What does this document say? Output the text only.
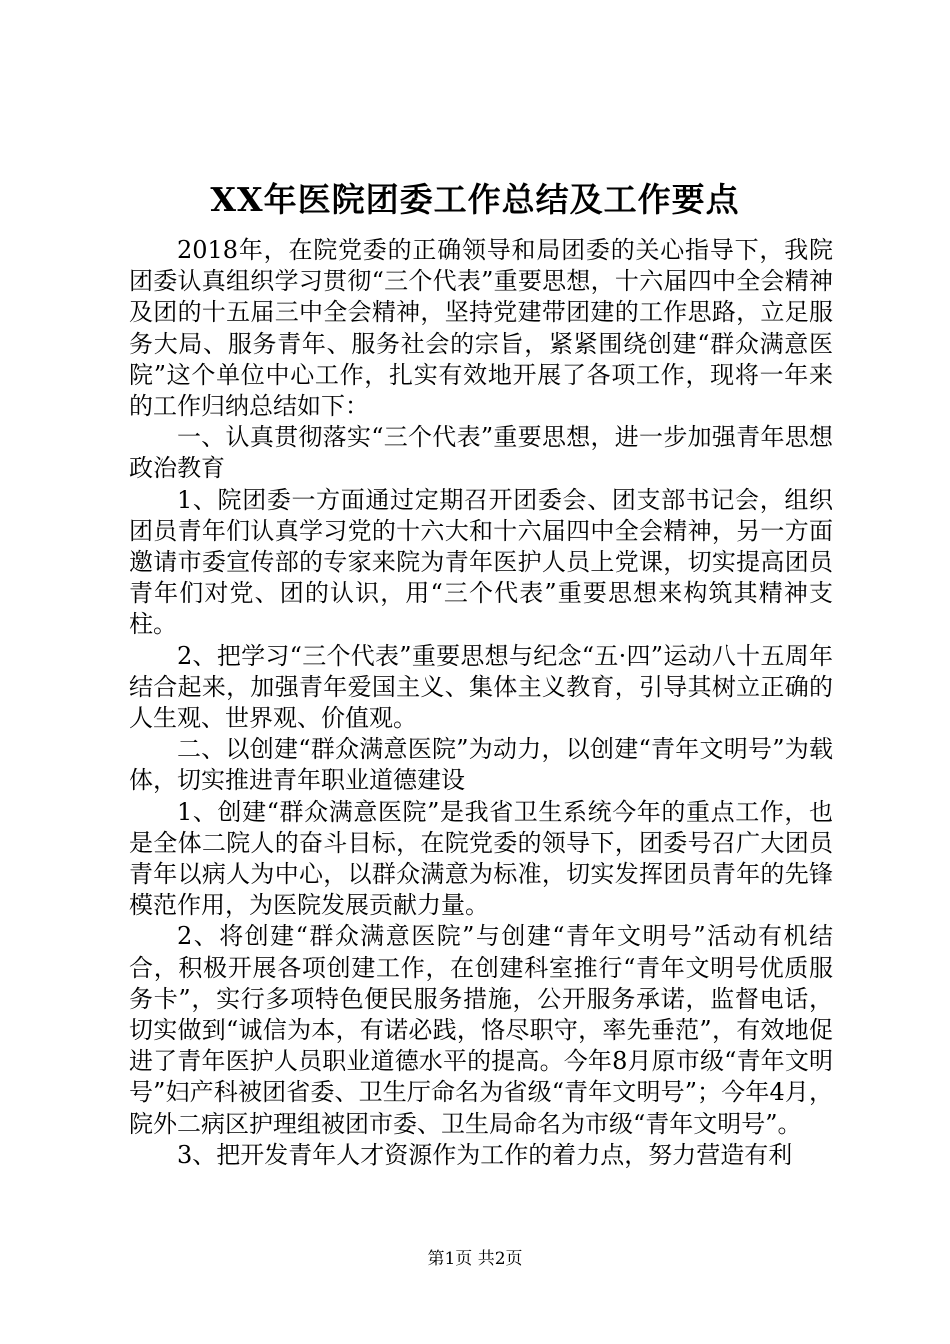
XX年医院团委工作总结及工作要点

2018年，在院党委的正确领导和局团委的关心指导下，我院团委认真组织学习贯彻“三个代表”重要思想，十六届四中全会精神及团的十五届三中全会精神，坚持党建带团建的工作思路，立足服务大局、服务青年、服务社会的宗旨，紧紧围绕创建“群众满意医院”这个单位中心工作，扎实有效地开展了各项工作，现将一年来的工作归纳总结如下：

一、认真贯彻落实“三个代表”重要思想，进一步加强青年思想政治教育

1、院团委一方面通过定期召开团委会、团支部书记会，组织团员青年们认真学习党的十六大和十六届四中全会精神，另一方面邀请市委宣传部的专家来院为青年医护人员上党课，切实提高团员青年们对党、团的认识，用“三个代表”重要思想来构筑其精神支柱。

2、把学习“三个代表”重要思想与纪念“五·四”运动八十五周年结合起来，加强青年爱国主义、集体主义教育，引导其树立正确的人生观、世界观、价值观。

二、以创建“群众满意医院”为动力，以创建“青年文明号”为载体，切实推进青年职业道德建设

1、创建“群众满意医院”是我省卫生系统今年的重点工作，也是全体二院人的奋斗目标，在院党委的领导下，团委号召广大团员青年以病人为中心，以群众满意为标准，切实发挥团员青年的先锋模范作用，为医院发展贡献力量。

2、将创建“群众满意医院”与创建“青年文明号”活动有机结合，积极开展各项创建工作，在创建科室推行“青年文明号优质服务卡”，实行多项特色便民服务措施，公开服务承诺，监督电话，切实做到“诚信为本，有诺必践，恪尽职守，率先垂范”，有效地促进了青年医护人员职业道德水平的提高。今年8月原市级“青年文明号”妇产科被团省委、卫生厅命名为省级“青年文明号”；今年4月，院外二病区护理组被团市委、卫生局命名为市级“青年文明号”。

3、把开发青年人才资源作为工作的着力点，努力营造有利

第1页 共2页
